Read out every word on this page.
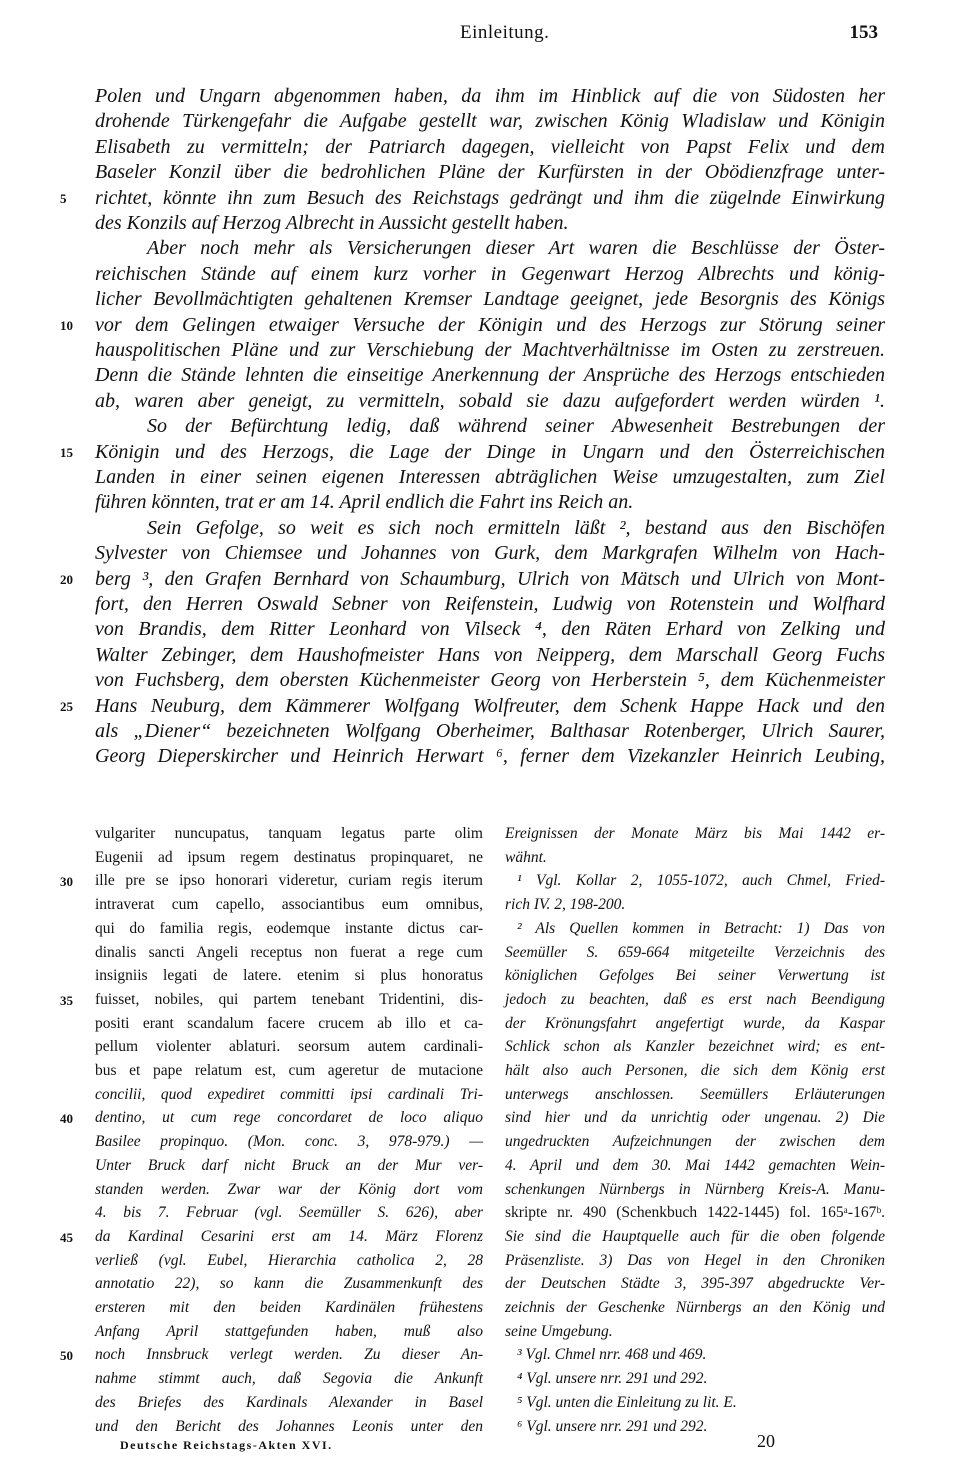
Einleitung.	153
Polen und Ungarn abgenommen haben, da ihm im Hinblick auf die von Südosten her
drohende Türkengefahr die Aufgabe gestellt war, zwischen König Wladislaw und Königin
Elisabeth zu vermitteln; der Patriarch dagegen, vielleicht von Papst Felix und dem
Baseler Konzil über die bedrohlichen Pläne der Kurfürsten in der Obödienzfrage unter-
richtet, könnte ihn zum Besuch des Reichstags gedrängt und ihm die zügelnde Einwirkung
5
des Konzils auf Herzog Albrecht in Aussicht gestellt haben.
Aber noch mehr als Versicherungen dieser Art waren die Beschlüsse der Öster-
reichischen Stände auf einem kurz vorher in Gegenwart Herzog Albrechts und könig-
licher Bevollmächtigten gehaltenen Kremser Landtage geeignet, jede Besorgnis des Königs
vor dem Gelingen etwaiger Versuche der Königin und des Herzogs zur Störung seiner
10
hauspolitischen Pläne und zur Verschiebung der Machtverhältnisse im Osten zu zerstreuen.
Denn die Stände lehnten die einseitige Anerkennung der Ansprüche des Herzogs entschieden
ab, waren aber geneigt, zu vermitteln, sobald sie dazu aufgefordert werden würden ¹.
So der Befürchtung ledig, daß während seiner Abwesenheit Bestrebungen der
Königin und des Herzogs, die Lage der Dinge in Ungarn und den Österreichischen
15
Landen in einer seinen eigenen Interessen abträglichen Weise umzugestalten, zum Ziel
führen könnten, trat er am 14. April endlich die Fahrt ins Reich an.
Sein Gefolge, so weit es sich noch ermitteln läßt ², bestand aus den Bischöfen
Sylvester von Chiemsee und Johannes von Gurk, dem Markgrafen Wilhelm von Hach-
berg ³, den Grafen Bernhard von Schaumburg, Ulrich von Mätsch und Ulrich von Mont-
20
fort, den Herren Oswald Sebner von Reifenstein, Ludwig von Rotenstein und Wolfhard
von Brandis, dem Ritter Leonhard von Vilseck ⁴, den Räten Erhard von Zelking und
Walter Zebinger, dem Haushofmeister Hans von Neipperg, dem Marschall Georg Fuchs
von Fuchsberg, dem obersten Küchenmeister Georg von Herberstein ⁵, dem Küchenmeister
Hans Neuburg, dem Kämmerer Wolfgang Wolfreuter, dem Schenk Happe Hack und den
25
als „Diener“ bezeichneten Wolfgang Oberheimer, Balthasar Rotenberger, Ulrich Saurer,
Georg Dieperskircher und Heinrich Herwart ⁶, ferner dem Vizekanzler Heinrich Leubing,
vulgariter nuncupatus, tanquam legatus parte olim
Eugenii ad ipsum regem destinatus propinquaret, ne
ille pre se ipso honorari videretur, curiam regis iterum
30
intraverat cum capello, associantibus eum omnibus,
qui do familia regis, eodemque instante dictus car-
dinalis sancti Angeli receptus non fuerat a rege cum
insigniis legati de latere. etenim si plus honoratus
fuisset, nobiles, qui partem tenebant Tridentini, dis-
35
positi erant scandalum facere crucem ab illo et ca-
pellum violenter ablaturi. seorsum autem cardinali-
bus et pape relatum est, cum ageretur de mutacione
concilii, quod expediret committi ipsi cardinali Tri-
dentino, ut cum rege concordaret de loco aliquo
40
Basilee propinquo. (Mon. conc. 3, 978-979.) —
Unter Bruck darf nicht Bruck an der Mur ver-
standen werden. Zwar war der König dort vom
4. bis 7. Februar (vgl. Seemüller S. 626), aber
da Kardinal Cesarini erst am 14. März Florenz
45
verließ (vgl. Eubel, Hierarchia catholica 2, 28
annotatio 22), so kann die Zusammenkunft des
ersteren mit den beiden Kardinälen frühestens
Anfang April stattgefunden haben, muß also
noch Innsbruck verlegt werden. Zu dieser An-
50
nahme stimmt auch, daß Segovia die Ankunft
des Briefes des Kardinals Alexander in Basel
und den Bericht des Johannes Leonis unter den
Ereignissen der Monate März bis Mai 1442 er-
wähnt.
¹ Vgl. Kollar 2, 1055-1072, auch Chmel, Fried-
rich IV. 2, 198-200.
² Als Quellen kommen in Betracht: 1) Das von
Seemüller S. 659-664 mitgeteilte Verzeichnis des
königlichen Gefolges Bei seiner Verwertung ist
jedoch zu beachten, daß es erst nach Beendigung
der Krönungsfahrt angefertigt wurde, da Kaspar
Schlick schon als Kanzler bezeichnet wird; es ent-
hält also auch Personen, die sich dem König erst
unterwegs anschlossen. Seemüllers Erläuterungen
sind hier und da unrichtig oder ungenau. 2) Die
ungedruckten Aufzeichnungen der zwischen dem
4. April und dem 30. Mai 1442 gemachten Wein-
schenkungen Nürnbergs in Nürnberg Kreis-A. Manu-
skripte nr. 490 (Schenkbuch 1422-1445) fol. 165ᵃ-167ᵇ.
Sie sind die Hauptquelle auch für die oben folgende
Präsenzliste. 3) Das von Hegel in den Chroniken
der Deutschen Städte 3, 395-397 abgedruckte Ver-
zeichnis der Geschenke Nürnbergs an den König und
seine Umgebung.
³ Vgl. Chmel nrr. 468 und 469.
⁴ Vgl. unsere nrr. 291 und 292.
⁵ Vgl. unten die Einleitung zu lit. E.
⁶ Vgl. unsere nrr. 291 und 292.
Deutsche Reichstags-Akten XVI.	20
